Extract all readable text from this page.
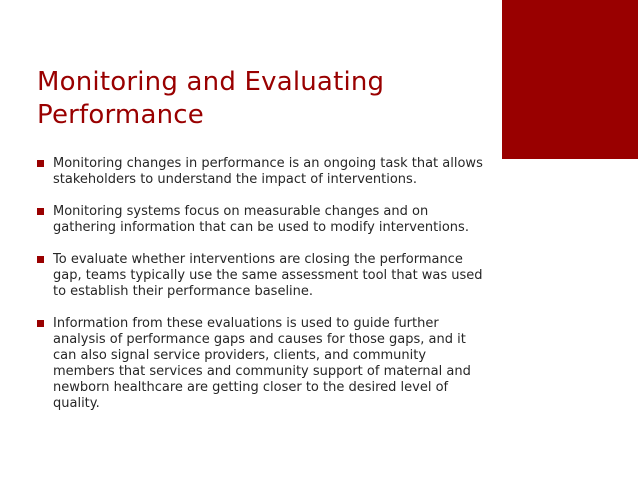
Monitoring and Evaluating Performance
Monitoring changes in performance is an ongoing task that allows stakeholders to understand the impact of interventions.
Monitoring systems focus on measurable changes and on gathering information that can be used to modify interventions.
To evaluate whether interventions are closing the performance gap, teams typically use the same assessment tool that was used to establish their performance baseline.
Information from these evaluations is used to guide further analysis of performance gaps and causes for those gaps, and it can also signal service providers, clients, and community members that services and community support of maternal and newborn healthcare are getting closer to the desired level of quality.
